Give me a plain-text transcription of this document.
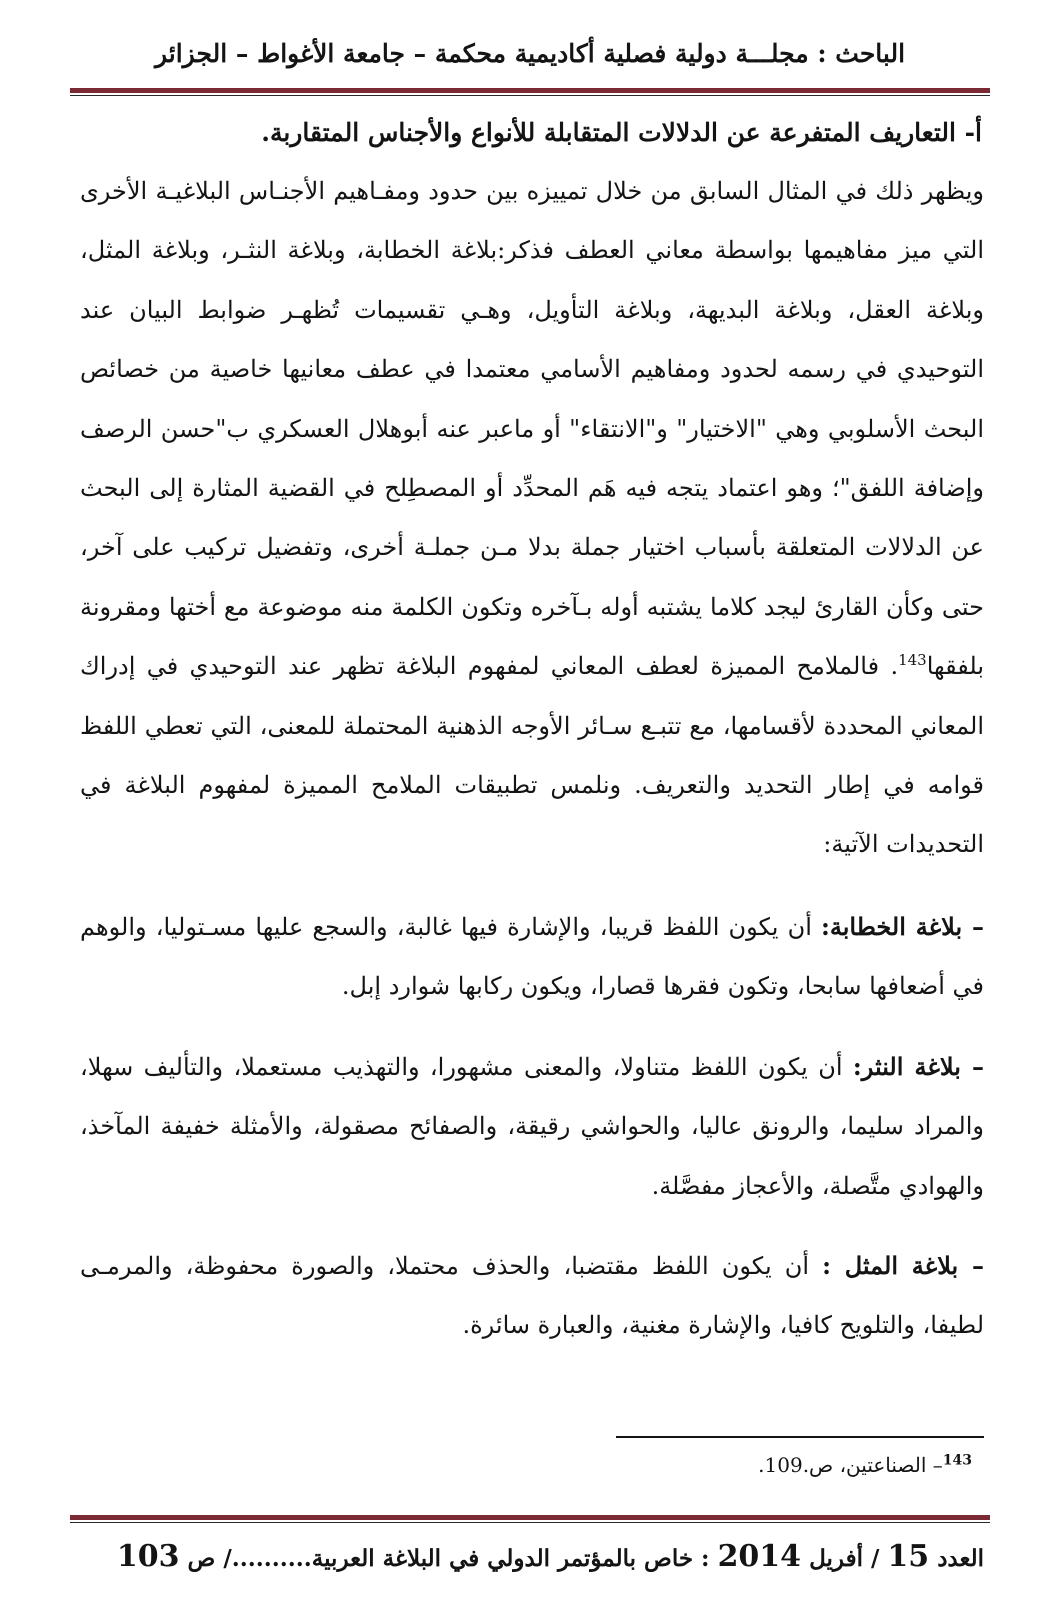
الباحث : مجلـــة دولية فصلية أكاديمية محكمة – جامعة الأغواط – الجزائر

أ- التعاريف المتفرعة عن الدلالات المتقابلة للأنواع والأجناس المتقاربة.

ويظهر ذلك في المثال السابق من خلال تمييزه بين حدود ومفـاهيم الأجنـاس البلاغيـة الأخرى التي ميز مفاهيمها بواسطة معاني العطف فذكر:بلاغة الخطابة، وبلاغة النثـر، وبلاغة المثل، وبلاغة العقل، وبلاغة البديهة، وبلاغة التأويل، وهـي تقسيمات تُظهـر ضوابط البيان عند التوحيدي في رسمه لحدود ومفاهيم الأسامي معتمدا في عطف معانيها خاصية من خصائص البحث الأسلوبي وهي "الاختيار" و"الانتقاء" أو ماعبر عنه أبوهلال العسكري ب"حسن الرصف وإضافة اللفق"؛ وهو اعتماد يتجه فيه هَم المحدِّد أو المصطِلح في القضية المثارة إلى البحث عن الدلالات المتعلقة بأسباب اختيار جملة بدلا مـن جملـة أخرى، وتفضيل تركيب على آخر، حتى وكأن القارئ ليجد كلاما يشتبه أوله بـآخره وتكون الكلمة منه موضوعة مع أختها ومقرونة بلفقها$^{143}$. فالملامح المميزة لعطف المعاني لمفهوم البلاغة تظهر عند التوحيدي في إدراك المعاني المحددة لأقسامها، مع تتبـع سـائر الأوجه الذهنية المحتملة للمعنى، التي تعطي اللفظ قوامه في إطار التحديد والتعريف. ونلمس تطبيقات الملامح المميزة لمفهوم البلاغة في التحديدات الآتية:

– بلاغة الخطابة: أن يكون اللفظ قريبا، والإشارة فيها غالبة، والسجع عليها مسـتوليا، والوهم في أضعافها سابحا، وتكون فقرها قصارا، ويكون ركابها شوارد إبل.

– بلاغة النثر: أن يكون اللفظ متناولا، والمعنى مشهورا، والتهذيب مستعملا، والتأليف سهلا، والمراد سليما، والرونق عاليا، والحواشي رقيقة، والصفائح مصقولة، والأمثلة خفيفة المآخذ، والهوادي متَّصلة، والأعجاز مفصَّلة.

– بلاغة المثل : أن يكون اللفظ مقتضبا، والحذف محتملا، والصورة محفوظة، والمرمـى لطيفا، والتلويح كافيا، والإشارة مغنية، والعبارة سائرة.

$^{143}$– الصناعتين، ص.109.
العدد 15 / أفريل 2014 : خاص بالمؤتمر الدولي في البلاغة العربية........../ ص 103
